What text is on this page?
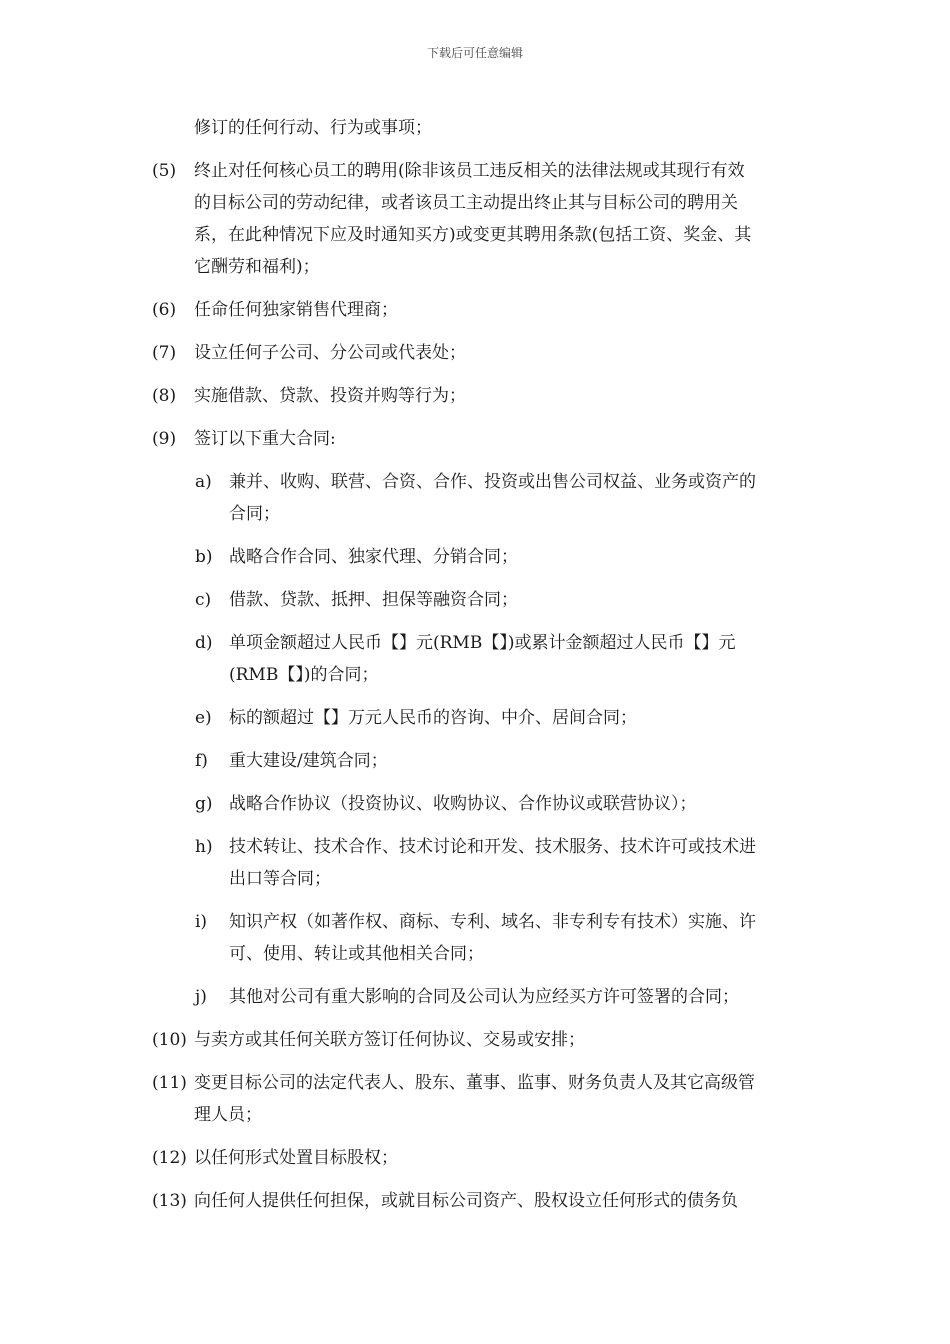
下载后可任意编辑
修订的任何行动、行为或事项；
(5) 终止对任何核心员工的聘用(除非该员工违反相关的法律法规或其现行有效
的目标公司的劳动纪律，或者该员工主动提出终止其与目标公司的聘用关
系，在此种情况下应及时通知买方)或变更其聘用条款(包括工资、奖金、其
它酬劳和福利)；
(6) 任命任何独家销售代理商；
(7) 设立任何子公司、分公司或代表处；
(8) 实施借款、贷款、投资并购等行为；
(9) 签订以下重大合同:
a) 兼并、收购、联营、合资、合作、投资或出售公司权益、业务或资产的
合同；
b) 战略合作合同、独家代理、分销合同；
c) 借款、贷款、抵押、担保等融资合同；
d) 单项金额超过人民币【】元(RMB【】)或累计金额超过人民币【】元
(RMB【】)的合同；
e) 标的额超过【】万元人民币的咨询、中介、居间合同；
f) 重大建设/建筑合同；
g) 战略合作协议（投资协议、收购协议、合作协议或联营协议）；
h) 技术转让、技术合作、技术讨论和开发、技术服务、技术许可或技术进
出口等合同；
i) 知识产权（如著作权、商标、专利、域名、非专利专有技术）实施、许
可、使用、转让或其他相关合同；
j) 其他对公司有重大影响的合同及公司认为应经买方许可签署的合同；
(10) 与卖方或其任何关联方签订任何协议、交易或安排；
(11) 变更目标公司的法定代表人、股东、董事、监事、财务负责人及其它高级管
理人员；
(12) 以任何形式处置目标股权；
(13) 向任何人提供任何担保，或就目标公司资产、股权设立任何形式的债务负
